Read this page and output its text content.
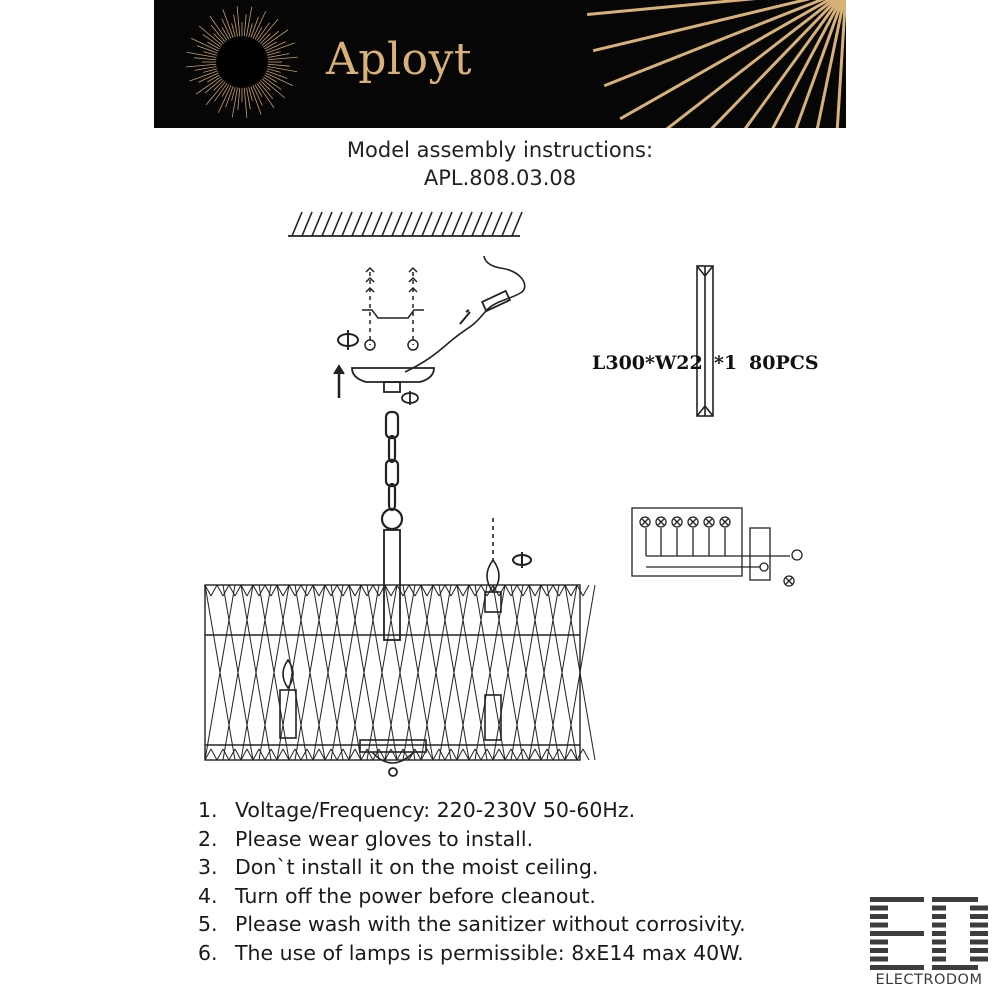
Aployt
Model assembly instructions:
APL.808.03.08
L300*W22 *1 80PCS
1. Voltage/Frequency: 220-230V 50-60Hz.
2. Please wear gloves to install.
3. Don`t install it on the moist ceiling.
4. Turn off the power before cleanout.
5. Please wash with the sanitizer without corrosivity.
6. The use of lamps is permissible: 8xE14 max 40W.
ELECTRODOM
